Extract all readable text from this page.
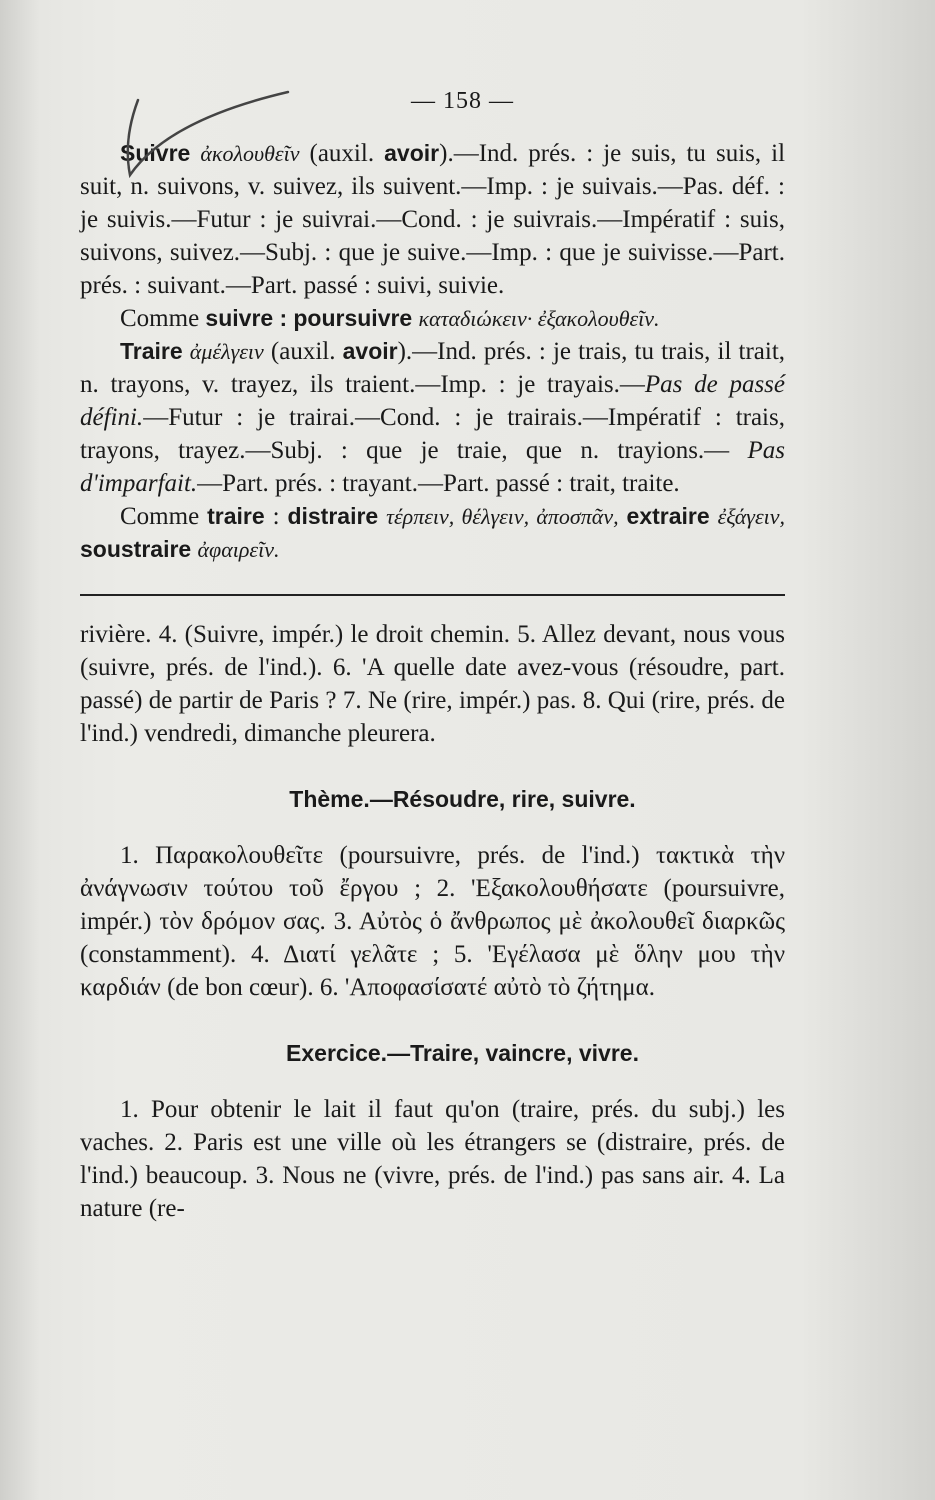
— 158 —

Suivre ἀκολουθεῖν (auxil. avoir).—Ind. prés. : je suis, tu suis, il suit, n. suivons, v. suivez, ils suivent.—Imp. : je suivais.—Pas. déf. : je suivis.—Futur : je suivrai.—Cond. : je suivrais.—Impératif : suis, suivons, suivez.—Subj. : que je suive.—Imp. : que je suivisse.—Part. prés. : suivant.—Part. passé : suivi, suivie.

Comme suivre : poursuivre καταδιώκειν· ἐξακολουθεῖν.

Traire ἀμέλγειν (auxil. avoir).—Ind. prés. : je trais, tu trais, il trait, n. trayons, v. trayez, ils traient.—Imp. : je trayais.—Pas de passé défini.—Futur : je trairai.—Cond. : je trairais.—Impératif : trais, trayons, trayez.—Subj. : que je traie, que n. trayions.— Pas d'imparfait.—Part. prés. : trayant.—Part. passé : trait, traite.

Comme traire : distraire τέρπειν, θέλγειν, ἀποσπᾶν, extraire ἐξάγειν, soustraire ἀφαιρεῖν.

rivière. 4. (Suivre, impér.) le droit chemin. 5. Allez devant, nous vous (suivre, prés. de l'ind.). 6. 'A quelle date avez-vous (résoudre, part. passé) de partir de Paris ? 7. Ne (rire, impér.) pas. 8. Qui (rire, prés. de l'ind.) vendredi, dimanche pleurera.

Thème.—Résoudre, rire, suivre.

1. Παρακολουθεῖτε (poursuivre, prés. de l'ind.) τακτικὰ τὴν ἀνάγνωσιν τούτου τοῦ ἔργου ; 2. 'Εξακολουθήσατε (poursuivre, impér.) τὸν δρόμον σας. 3. Αὐτὸς ὁ ἄνθρωπος μὲ ἀκολουθεῖ διαρκῶς (constamment). 4. Διατί γελᾶτε ; 5. 'Εγέλασα μὲ ὅλην μου τὴν καρδιάν (de bon cœur). 6. 'Αποφασίσατέ αὐτὸ τὸ ζήτημα.

Exercice.—Traire, vaincre, vivre.

1. Pour obtenir le lait il faut qu'on (traire, prés. du subj.) les vaches. 2. Paris est une ville où les étrangers se (distraire, prés. de l'ind.) beaucoup. 3. Nous ne (vivre, prés. de l'ind.) pas sans air. 4. La nature (re-
